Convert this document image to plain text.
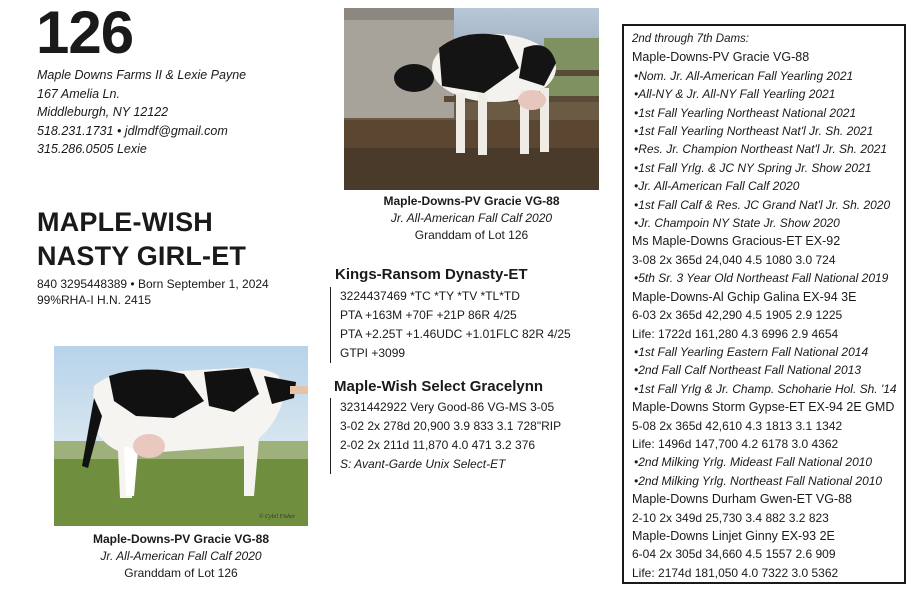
126
Maple Downs Farms II & Lexie Payne
167 Amelia Ln.
Middleburgh, NY 12122
518.231.1731 • jdlmdf@gmail.com
315.286.0505 Lexie
MAPLE-WISH
NASTY GIRL-ET
840 3295448389 • Born September 1, 2024
99%RHA-I H.N. 2415
Maple-Downs-PV Gracie VG-88
Jr. All-American Fall Calf 2020
Granddam of Lot 126
© Cybil Fisher
Maple-Downs-PV Gracie VG-88
Jr. All-American Fall Calf 2020
Granddam of Lot 126
Kings-Ransom Dynasty-ET
3224437469 *TC *TY *TV *TL*TD
PTA +163M +70F +21P 86R 4/25
PTA +2.25T +1.46UDC +1.01FLC 82R 4/25
GTPI +3099
Maple-Wish Select Gracelynn
3231442922 Very Good-86 VG-MS 3-05
3-02 2x 278d 20,900 3.9 833 3.1 728"RIP
2-02 2x 211d 11,870 4.0 471 3.2 376
S: Avant-Garde Unix Select-ET
2nd through 7th Dams:
Maple-Downs-PV Gracie VG-88
•Nom. Jr. All-American Fall Yearling 2021
•All-NY & Jr. All-NY Fall Yearling 2021
•1st Fall Yearling Northeast National 2021
•1st Fall Yearling Northeast Nat'l Jr. Sh. 2021
•Res. Jr. Champion Northeast Nat'l Jr. Sh. 2021
•1st Fall Yrlg. & JC NY Spring Jr. Show 2021
•Jr. All-American Fall Calf 2020
•1st Fall Calf & Res. JC Grand Nat'l Jr. Sh. 2020
•Jr. Champoin NY State Jr. Show 2020
Ms Maple-Downs Gracious-ET EX-92
3-08 2x 365d 24,040 4.5 1080 3.0 724
•5th Sr. 3 Year Old Northeast Fall National 2019
Maple-Downs-Al Gchip Galina EX-94 3E
6-03 2x 365d 42,290 4.5 1905 2.9 1225
Life: 1722d 161,280 4.3 6996 2.9 4654
•1st Fall Yearling Eastern Fall National 2014
•2nd Fall Calf Northeast Fall National 2013
•1st Fall Yrlg & Jr. Champ. Schoharie Hol. Sh. '14
Maple-Downs Storm Gypse-ET EX-94 2E GMD
5-08 2x 365d 42,610 4.3 1813 3.1 1342
Life: 1496d 147,700 4.2 6178 3.0 4362
•2nd Milking Yrlg. Mideast Fall National 2010
•2nd Milking Yrlg. Northeast Fall National 2010
Maple-Downs Durham Gwen-ET VG-88
2-10 2x 349d 25,730 3.4 882 3.2 823
Maple-Downs Linjet Ginny EX-93 2E
6-04 2x 305d 34,660 4.5 1557 2.6 909
Life: 2174d 181,050 4.0 7322 3.0 5362
